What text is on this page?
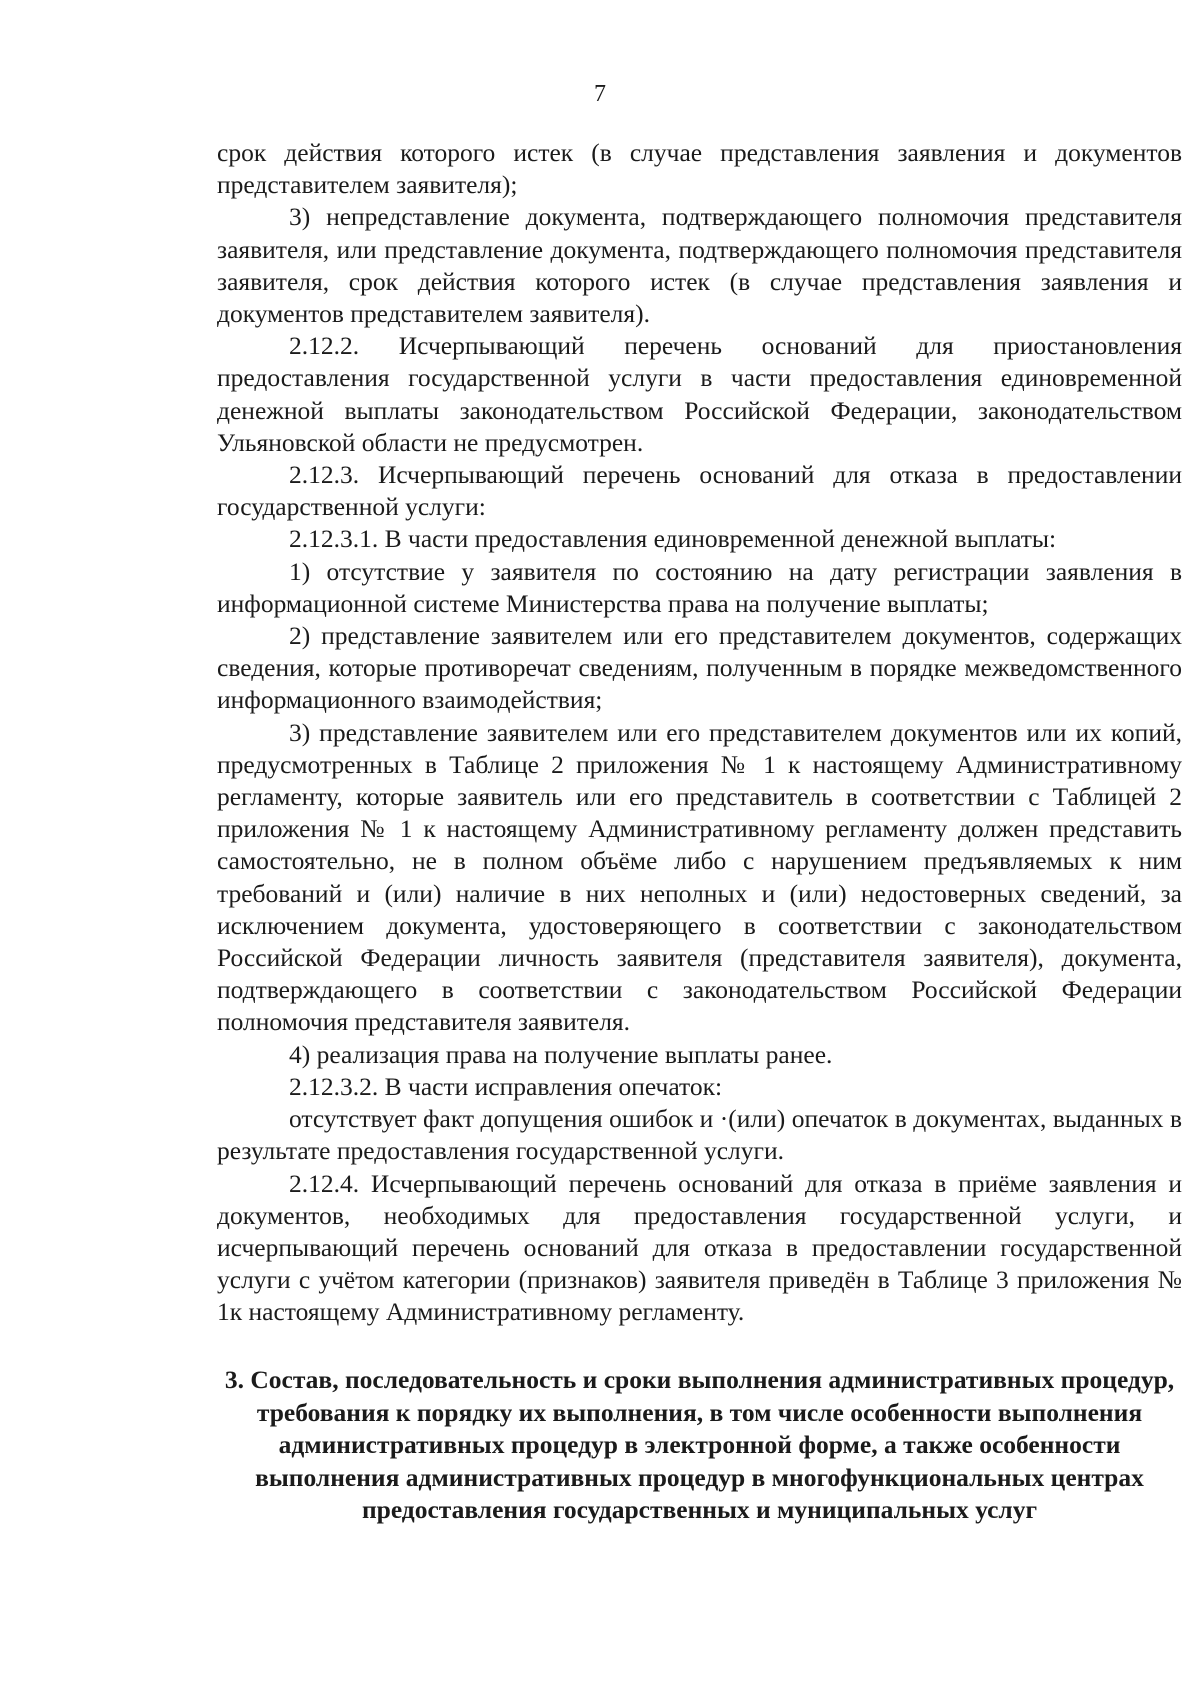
7

срок действия которого истек (в случае представления заявления и документов представителем заявителя);

3) непредставление документа, подтверждающего полномочия представителя заявителя, или представление документа, подтверждающего полномочия представителя заявителя, срок действия которого истек (в случае представления заявления и документов представителем заявителя).

2.12.2. Исчерпывающий перечень оснований для приостановления предоставления государственной услуги в части предоставления единовременной денежной выплаты законодательством Российской Федерации, законодательством Ульяновской области не предусмотрен.

2.12.3. Исчерпывающий перечень оснований для отказа в предоставлении государственной услуги:

2.12.3.1. В части предоставления единовременной денежной выплаты:

1) отсутствие у заявителя по состоянию на дату регистрации заявления в информационной системе Министерства права на получение выплаты;

2) представление заявителем или его представителем документов, содержащих сведения, которые противоречат сведениям, полученным в порядке межведомственного информационного взаимодействия;

3) представление заявителем или его представителем документов или их копий, предусмотренных в Таблице 2 приложения № 1 к настоящему Административному регламенту, которые заявитель или его представитель в соответствии с Таблицей 2 приложения № 1 к настоящему Административному регламенту должен представить самостоятельно, не в полном объёме либо с нарушением предъявляемых к ним требований и (или) наличие в них неполных и (или) недостоверных сведений, за исключением документа, удостоверяющего в соответствии с законодательством Российской Федерации личность заявителя (представителя заявителя), документа, подтверждающего в соответствии с законодательством Российской Федерации полномочия представителя заявителя.

4) реализация права на получение выплаты ранее.

2.12.3.2. В части исправления опечаток:

отсутствует факт допущения ошибок и ·(или) опечаток в документах, выданных в результате предоставления государственной услуги.

2.12.4. Исчерпывающий перечень оснований для отказа в приёме заявления и документов, необходимых для предоставления государственной услуги, и исчерпывающий перечень оснований для отказа в предоставлении государственной услуги с учётом категории (признаков) заявителя приведён в Таблице 3 приложения № 1к настоящему Административному регламенту.

3. Состав, последовательность и сроки выполнения административных процедур, требования к порядку их выполнения, в том числе особенности выполнения административных процедур в электронной форме, а также особенности выполнения административных процедур в многофункциональных центрах предоставления государственных и муниципальных услуг
